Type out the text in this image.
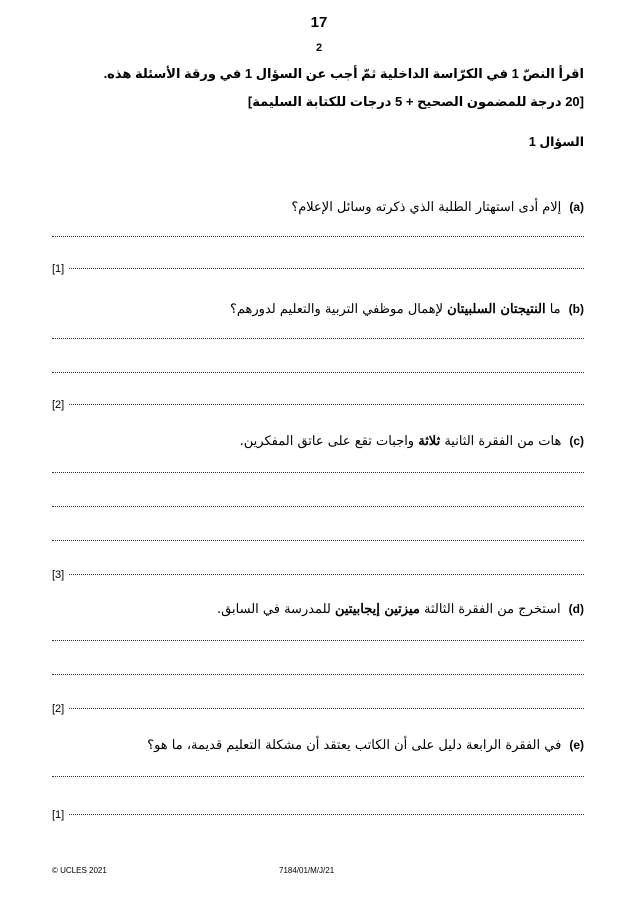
17
2
اقرأ النصّ 1 في الكرّاسة الداخلية ثمّ أجب عن السؤال 1 في ورقة الأسئلة هذه.
[20 درجة للمضمون الصحيح + 5 درجات للكتابة السليمة]
السؤال 1
(a)إلام أدى استهتار الطلبة الذي ذكرته وسائل الإعلام؟
[1]
(b)ما النتيجتان السلبيتان لإهمال موظفي التربية والتعليم لدورهم؟
[2]
(c)هات من الفقرة الثانية ثلاثة واجبات تقع على عاتق المفكرين.
[3]
(d)استخرج من الفقرة الثالثة ميزتين إيجابيتين للمدرسة في السابق.
[2]
(e)في الفقرة الرابعة دليل على أن الكاتب يعتقد أن مشكلة التعليم قديمة، ما هو؟
[1]
© UCLES 2021	7184/01/M/J/21
